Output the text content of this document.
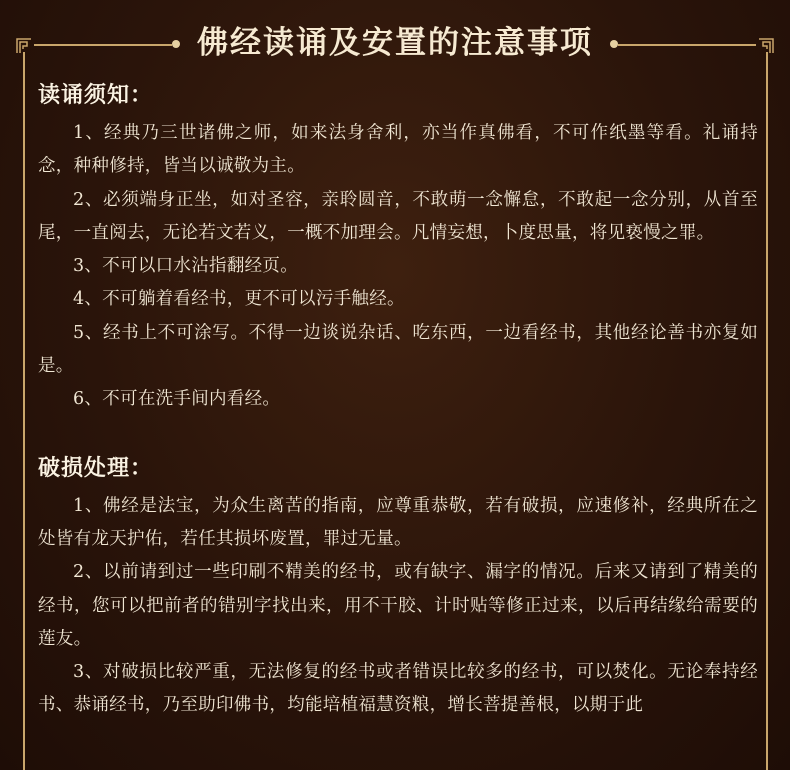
佛经读诵及安置的注意事项
读诵须知：
1、经典乃三世诸佛之师，如来法身舍利，亦当作真佛看，不可作纸墨等看。礼诵持念，种种修持，皆当以诚敬为主。
2、必须端身正坐，如对圣容，亲聆圆音，不敢萌一念懈怠，不敢起一念分别，从首至尾，一直阅去，无论若文若义，一概不加理会。凡情妄想，卜度思量，将见亵慢之罪。
3、不可以口水沾指翻经页。
4、不可躺着看经书，更不可以污手触经。
5、经书上不可涂写。不得一边谈说杂话、吃东西，一边看经书，其他经论善书亦复如是。
6、不可在洗手间内看经。
破损处理：
1、佛经是法宝，为众生离苦的指南，应尊重恭敬，若有破损，应速修补，经典所在之处皆有龙天护佑，若任其损坏废置，罪过无量。
2、以前请到过一些印刷不精美的经书，或有缺字、漏字的情况。后来又请到了精美的经书，您可以把前者的错别字找出来，用不干胶、计时贴等修正过来，以后再结缘给需要的莲友。
3、对破损比较严重，无法修复的经书或者错误比较多的经书，可以焚化。无论奉持经书、恭诵经书，乃至助印佛书，均能培植福慧资粮，增长菩提善根，以期于此
